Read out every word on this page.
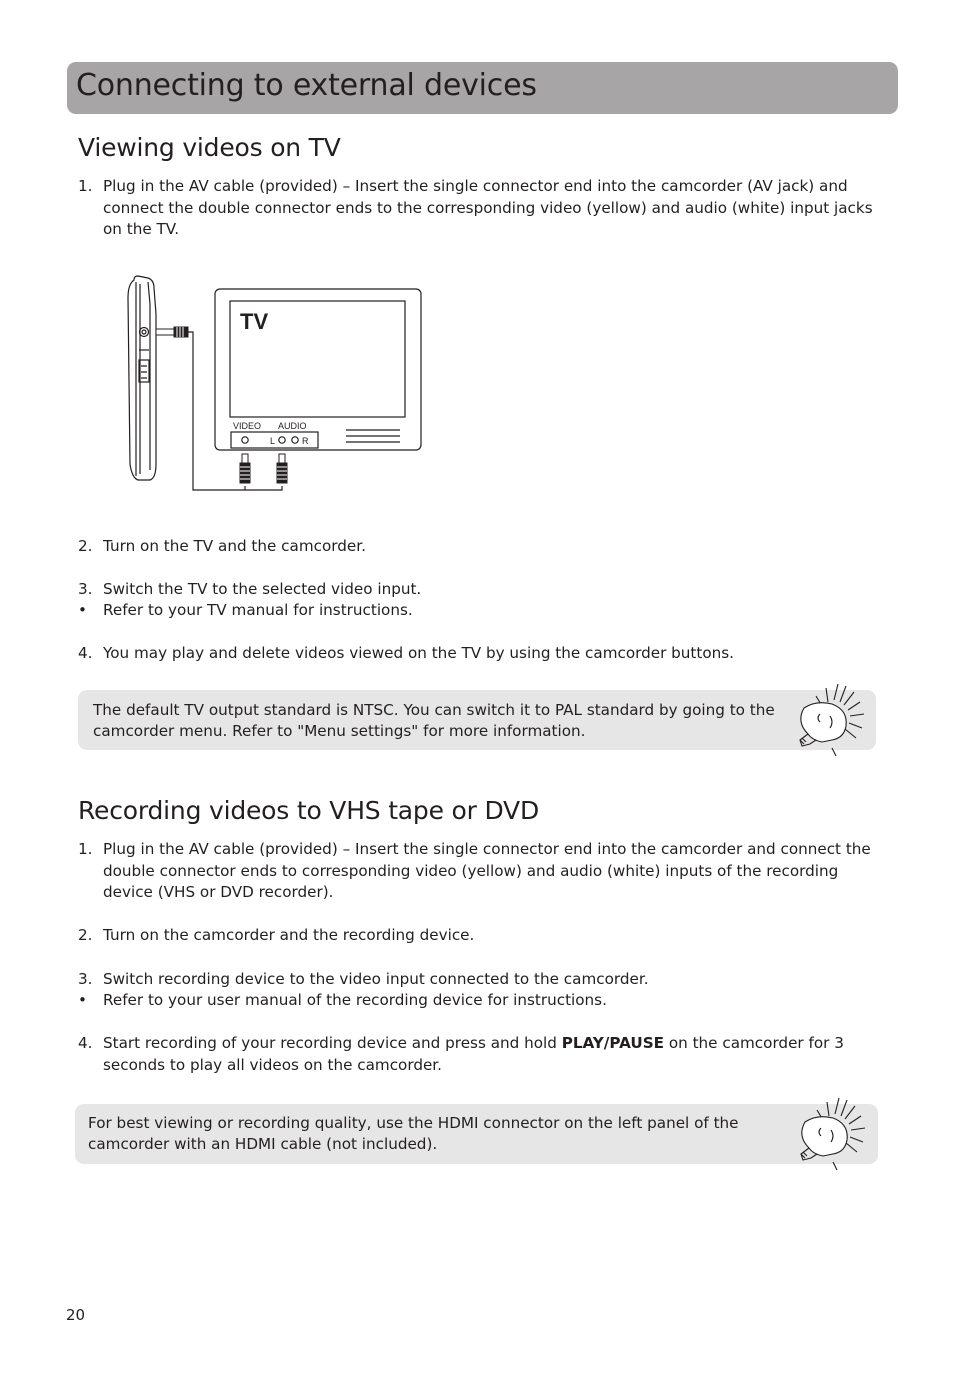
Connecting to external devices
Viewing videos on TV
1. Plug in the AV cable (provided) – Insert the single connector end into the camcorder (AV jack) and connect the double connector ends to the corresponding video (yellow) and audio (white) input jacks on the TV.
TV
VIDEO AUDIO
L	R
2. Turn on the TV and the camcorder.
3. Switch the TV to the selected video input.
•	Refer to your TV manual for instructions.
4. You may play and delete videos viewed on the TV by using the camcorder buttons.
The default TV output standard is NTSC. You can switch it to PAL standard by going to the camcorder menu. Refer to "Menu settings" for more information.
Recording videos to VHS tape or DVD
1. Plug in the AV cable (provided) – Insert the single connector end into the camcorder and connect the double connector ends to corresponding video (yellow) and audio (white) inputs of the recording device (VHS or DVD recorder).
2. Turn on the camcorder and the recording device.
3. Switch recording device to the video input connected to the camcorder.
•	Refer to your user manual of the recording device for instructions.
4. Start recording of your recording device and press and hold PLAY/PAUSE on the camcorder for 3 seconds to play all videos on the camcorder.
For best viewing or recording quality, use the HDMI connector on the left panel of the camcorder with an HDMI cable (not included).
20
